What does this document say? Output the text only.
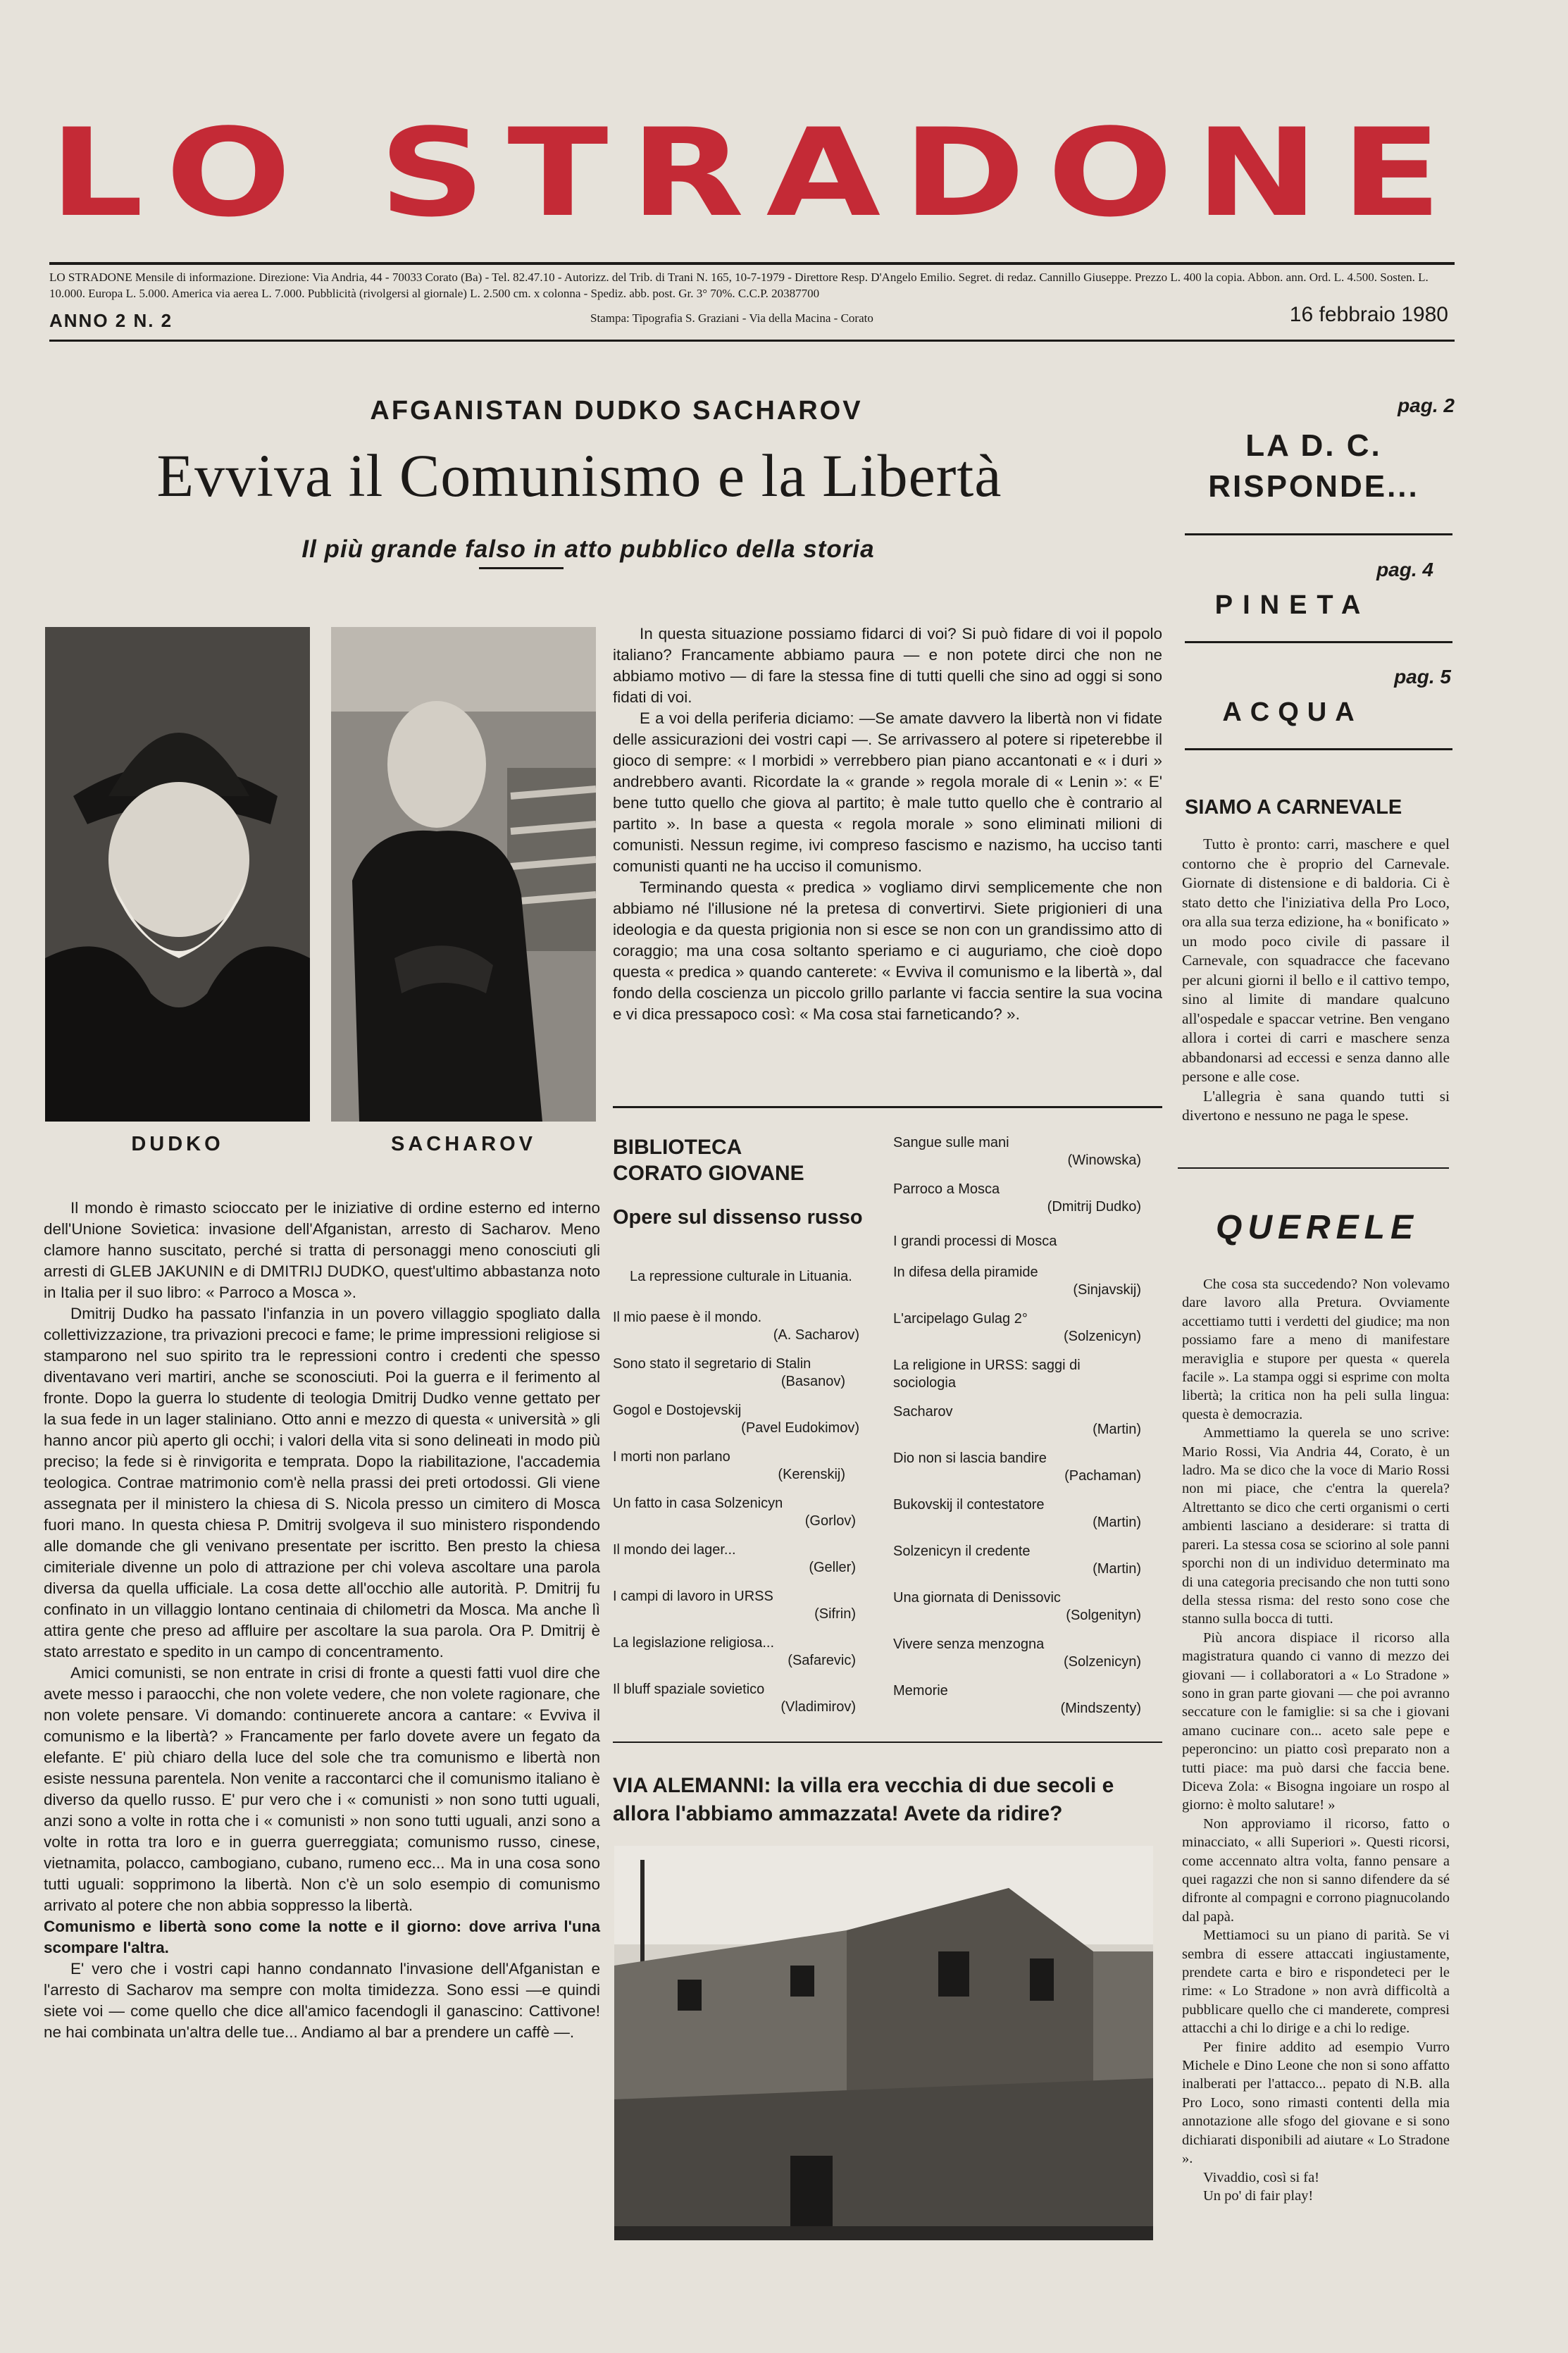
L O S T R A D O N E
LO STRADONE Mensile di informazione. Direzione: Via Andria, 44 - 70033 Corato (Ba) - Tel. 82.47.10 - Autorizz. del Trib. di Trani N. 165, 10-7-1979 - Direttore Resp. D'Angelo Emilio. Segret. di redaz. Cannillo Giuseppe. Prezzo L. 400 la copia. Abbon. ann. Ord. L. 4.500. Sosten. L. 10.000. Europa L. 5.000. America via aerea L. 7.000. Pubblicità (rivolgersi al giornale) L. 2.500 cm. x colonna - Spediz. abb. post. Gr. 3° 70%. C.C.P. 20387700
ANNO 2 N. 2	Stampa: Tipografia S. Graziani - Via della Macina - Corato	16 febbraio 1980
AFGANISTAN DUDKO SACHAROV
Evviva il Comunismo e la Libertà
Il più grande falso in atto pubblico della storia
DUDKO	SACHAROV

Il mondo è rimasto scioccato per le iniziative di ordine esterno ed interno dell'Unione Sovietica: invasione dell'Afganistan, arresto di Sacharov. Meno clamore hanno suscitato, perché si tratta di personaggi meno conosciuti gli arresti di GLEB JAKUNIN e di DMITRIJ DUDKO, quest'ultimo abbastanza noto in Italia per il suo libro: « Parroco a Mosca ».

Dmitrij Dudko ha passato l'infanzia in un povero villaggio spogliato dalla collettivizzazione, tra privazioni precoci e fame; le prime impressioni religiose si stamparono nel suo spirito tra le repressioni contro i credenti che spesso diventavano veri martiri, anche se sconosciuti. Poi la guerra e il ferimento al fronte. Dopo la guerra lo studente di teologia Dmitrij Dudko venne gettato per la sua fede in un lager staliniano. Otto anni e mezzo di questa « università » gli hanno ancor più aperto gli occhi; i valori della vita si sono delineati in modo più preciso; la fede si è rinvigorita e temprata. Dopo la riabilitazione, l'accademia teologica. Contrae matrimonio com'è nella prassi dei preti ortodossi. Gli viene assegnata per il ministero la chiesa di S. Nicola presso un cimitero di Mosca fuori mano. In questa chiesa P. Dmitrij svolgeva il suo ministero rispondendo alle domande che gli venivano presentate per iscritto. Ben presto la chiesa cimiteriale divenne un polo di attrazione per chi voleva ascoltare una parola diversa da quella ufficiale. La cosa dette all'occhio alle autorità. P. Dmitrij fu confinato in un villaggio lontano centinaia di chilometri da Mosca. Ma anche lì attira gente che preso ad affluire per ascoltare la sua parola. Ora P. Dmitrij è stato arrestato e spedito in un campo di concentramento.

Amici comunisti, se non entrate in crisi di fronte a questi fatti vuol dire che avete messo i paraocchi, che non volete vedere, che non volete ragionare, che non volete pensare. Vi domando: continuerete ancora a cantare: « Evviva il comunismo e la libertà? » Francamente per farlo dovete avere un fegato da elefante. E' più chiaro della luce del sole che tra comunismo e libertà non esiste nessuna parentela. Non venite a raccontarci che il comunismo italiano è diverso da quello russo. E' pur vero che i « comunisti » non sono tutti uguali, anzi sono a volte in rotta che i « comunisti » non sono tutti uguali, anzi sono a volte in rotta tra loro e in guerra guerreggiata; comunismo russo, cinese, vietnamita, polacco, cambogiano, cubano, rumeno ecc... Ma in una cosa sono tutti uguali: sopprimono la libertà. Non c'è un solo esempio di comunismo arrivato al potere che non abbia soppresso la libertà.

Comunismo e libertà sono come la notte e il giorno: dove arriva l'una scompare l'altra.

E' vero che i vostri capi hanno condannato l'invasione dell'Afganistan e l'arresto di Sacharov ma sempre con molta timidezza. Sono essi —e quindi siete voi — come quello che dice all'amico facendogli il ganascino: Cattivone! ne hai combinata un'altra delle tue... Andiamo al bar a prendere un caffè —.

In questa situazione possiamo fidarci di voi? Si può fidare di voi il popolo italiano? Francamente abbiamo paura — e non potete dirci che non ne abbiamo motivo — di fare la stessa fine di tutti quelli che sino ad oggi si sono fidati di voi.

E a voi della periferia diciamo: —Se amate davvero la libertà non vi fidate delle assicurazioni dei vostri capi —. Se arrivassero al potere si ripeterebbe il gioco di sempre: « I morbidi » verrebbero pian piano accantonati e « i duri » andrebbero avanti. Ricordate la « grande » regola morale di « Lenin »: « E' bene tutto quello che giova al partito; è male tutto quello che è contrario al partito ». In base a questa « regola morale » sono eliminati milioni di comunisti. Nessun regime, ivi compreso fascismo e nazismo, ha ucciso tanti comunisti quanti ne ha ucciso il comunismo.

Terminando questa « predica » vogliamo dirvi semplicemente che non abbiamo né l'illusione né la pretesa di convertirvi. Siete prigionieri di una ideologia e da questa prigionia non si esce se non con un grandissimo atto di coraggio; ma una cosa soltanto speriamo e ci auguriamo, che cioè dopo questa « predica » quando canterete: « Evviva il comunismo e la libertà », dal fondo della coscienza un piccolo grillo parlante vi faccia sentire la sua vocina e vi dica pressapoco così: « Ma cosa stai farneticando? ».

BIBLIOTECA
CORATO GIOVANE
Opere sul dissenso russo
La repressione culturale in Lituania.
Il mio paese è il mondo.
(A. Sacharov)
Sono stato il segretario di Stalin
(Basanov)
Gogol e Dostojevskij
(Pavel Eudokimov)
I morti non parlano
(Kerenskij)
Un fatto in casa Solzenicyn
(Gorlov)
Il mondo dei lager...
(Geller)
I campi di lavoro in URSS
(Sifrin)
La legislazione religiosa...
(Safarevic)
Il bluff spaziale sovietico
(Vladimirov)
Sangue sulle mani
(Winowska)
Parroco a Mosca
(Dmitrij Dudko)
I grandi processi di Mosca
In difesa della piramide
(Sinjavskij)
L'arcipelago Gulag 2°
(Solzenicyn)
La religione in URSS: saggi di sociologia
Sacharov
(Martin)
Dio non si lascia bandire
(Pachaman)
Bukovskij il contestatore
(Martin)
Solzenicyn il credente
(Martin)
Una giornata di Denissovic
(Solgenityn)
Vivere senza menzogna
(Solzenicyn)
Memorie
(Mindszenty)
VIA ALEMANNI: la villa era vecchia di due secoli e allora l'abbiamo ammazzata! Avete da ridire?
pag. 2
LA D. C. RISPONDE...
pag. 4
PINETA
pag. 5
ACQUA
SIAMO A CARNEVALE

Tutto è pronto: carri, maschere e quel contorno che è proprio del Carnevale. Giornate di distensione e di baldoria. Ci è stato detto che l'iniziativa della Pro Loco, ora alla sua terza edizione, ha « bonificato » un modo poco civile di passare il Carnevale, con squadracce che facevano per alcuni giorni il bello e il cattivo tempo, sino al limite di mandare qualcuno all'ospedale e spaccar vetrine. Ben vengano allora i cortei di carri e maschere senza abbandonarsi ad eccessi e senza danno alle persone e alle cose.

L'allegria è sana quando tutti si divertono e nessuno ne paga le spese.

QUERELE

Che cosa sta succedendo? Non volevamo dare lavoro alla Pretura. Ovviamente accettiamo tutti i verdetti del giudice; ma non possiamo fare a meno di manifestare meraviglia e stupore per questa « querela facile ». La stampa oggi si esprime con molta libertà; la critica non ha peli sulla lingua: questa è democrazia.

Ammettiamo la querela se uno scrive: Mario Rossi, Via Andria 44, Corato, è un ladro. Ma se dico che la voce di Mario Rossi non mi piace, che c'entra la querela? Altrettanto se dico che certi organismi o certi ambienti lasciano a desiderare: si tratta di pareri. La stessa cosa se sciorino al sole panni sporchi non di un individuo determinato ma di una categoria precisando che non tutti sono della stessa risma: del resto sono cose che stanno sulla bocca di tutti.

Più ancora dispiace il ricorso alla magistratura quando ci vanno di mezzo dei giovani — i collaboratori a « Lo Stradone » sono in gran parte giovani — che poi avranno seccature con le famiglie: si sa che i giovani amano cucinare con... aceto sale pepe e peperoncino: un piatto così preparato non a tutti piace: ma può darsi che faccia bene. Diceva Zola: « Bisogna ingoiare un rospo al giorno: è molto salutare! »

Non approviamo il ricorso, fatto o minacciato, « alli Superiori ». Questi ricorsi, come accennato altra volta, fanno pensare a quei ragazzi che non si sanno difendere da sé difronte al compagni e corrono piagnucolando dal papà.

Mettiamoci su un piano di parità. Se vi sembra di essere attaccati ingiustamente, prendete carta e biro e rispondeteci per le rime: « Lo Stradone » non avrà difficoltà a pubblicare quello che ci manderete, compresi attacchi a chi lo dirige e a chi lo redige.

Per finire addito ad esempio Vurro Michele e Dino Leone che non si sono affatto inalberati per l'attacco... pepato di N.B. alla Pro Loco, sono rimasti contenti della mia annotazione alle sfogo del giovane e si sono dichiarati disponibili ad aiutare « Lo Stradone ».

Vivaddio, così si fa!

Un po' di fair play!
